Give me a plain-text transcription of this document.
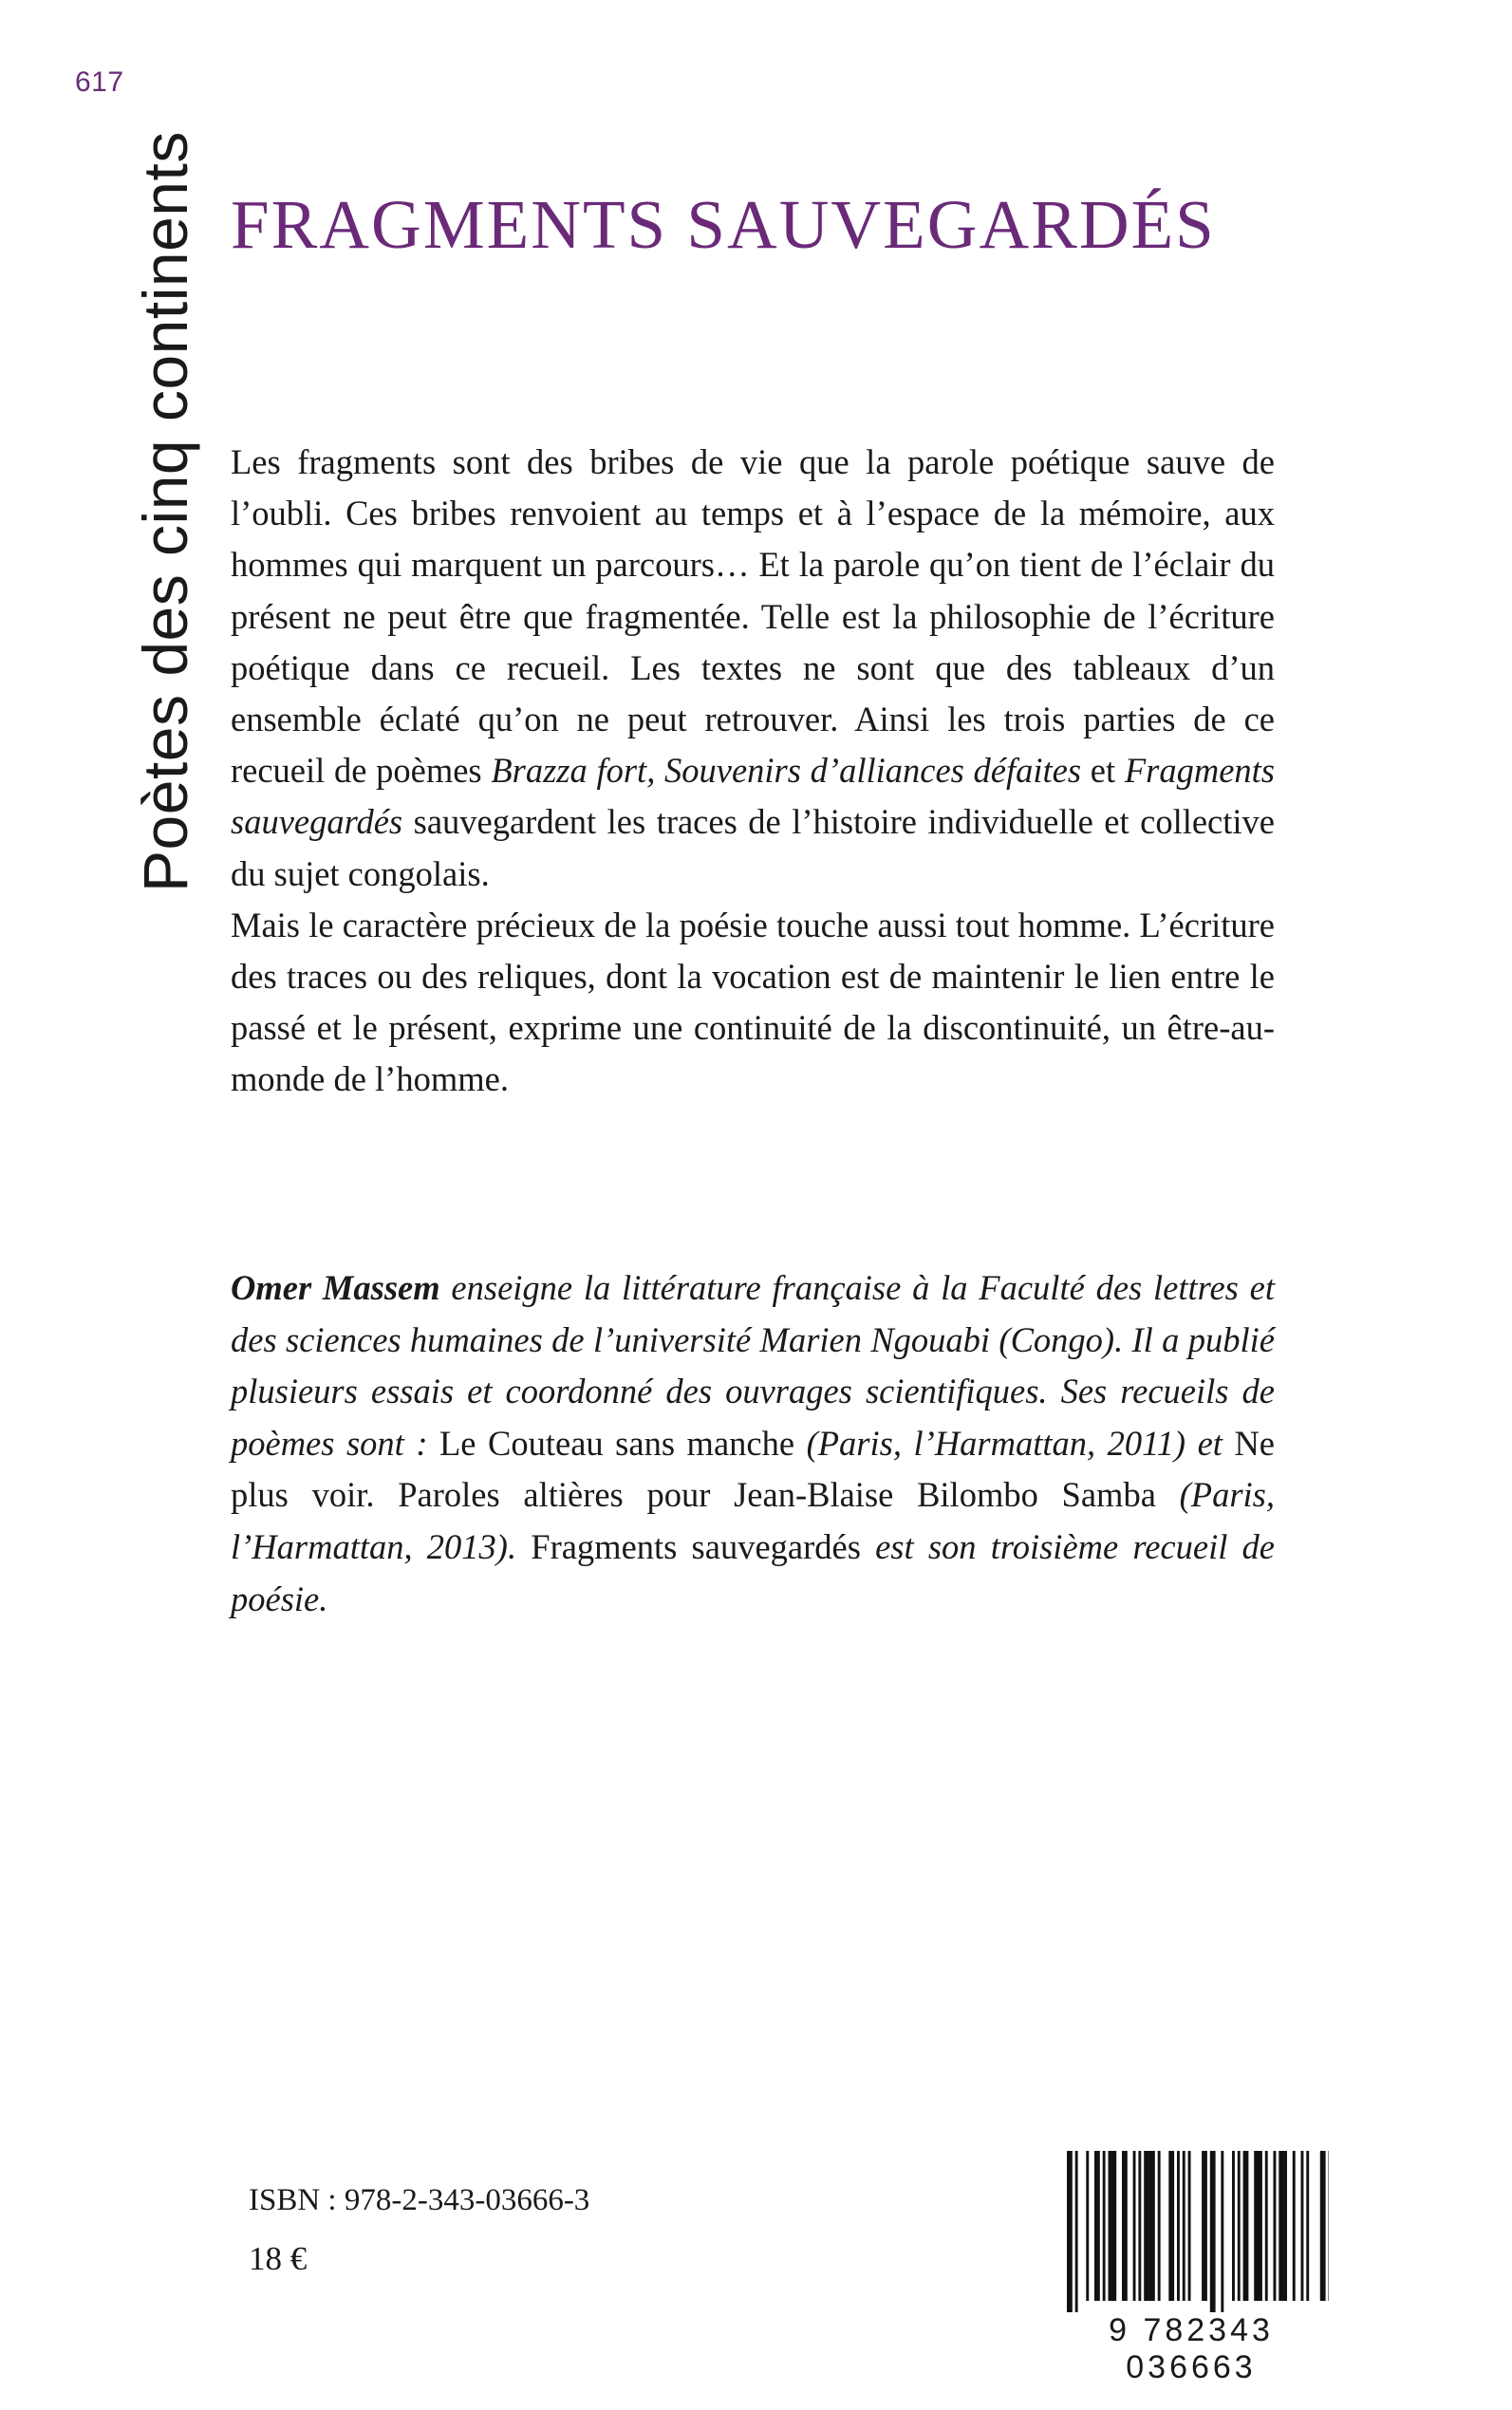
617
Poètes des cinq continents FRAGMENTS SAUVEGARDÉS

Les fragments sont des bribes de vie que la parole poétique sauve de l’oubli. Ces bribes renvoient au temps et à l’espace de la mémoire, aux hommes qui marquent un parcours… Et la parole qu’on tient de l’éclair du présent ne peut être que fragmentée. Telle est la philosophie de l’écriture poétique dans ce recueil. Les textes ne sont que des tableaux d’un ensemble éclaté qu’on ne peut retrouver. Ainsi les trois parties de ce recueil de poèmes Brazza fort, Souvenirs d’alliances défaites et Fragments sauvegardés sauvegardent les traces de l’histoire individuelle et collective du sujet congolais.

Mais le caractère précieux de la poésie touche aussi tout homme. L’écriture des traces ou des reliques, dont la vocation est de maintenir le lien entre le passé et le présent, exprime une continuité de la discontinuité, un être-au-monde de l’homme.

Omer Massem enseigne la littérature française à la Faculté des lettres et des sciences humaines de l’université Marien Ngouabi (Congo). Il a publié plusieurs essais et coordonné des ouvrages scientifiques. Ses recueils de poèmes sont : Le Couteau sans manche (Paris, l’Harmattan, 2011) et Ne plus voir. Paroles altières pour Jean-Blaise Bilombo Samba (Paris, l’Harmattan, 2013). Fragments sauvegardés est son troisième recueil de poésie.
ISBN : 978-2-343-03666-3
18 €
9 782343 036663
